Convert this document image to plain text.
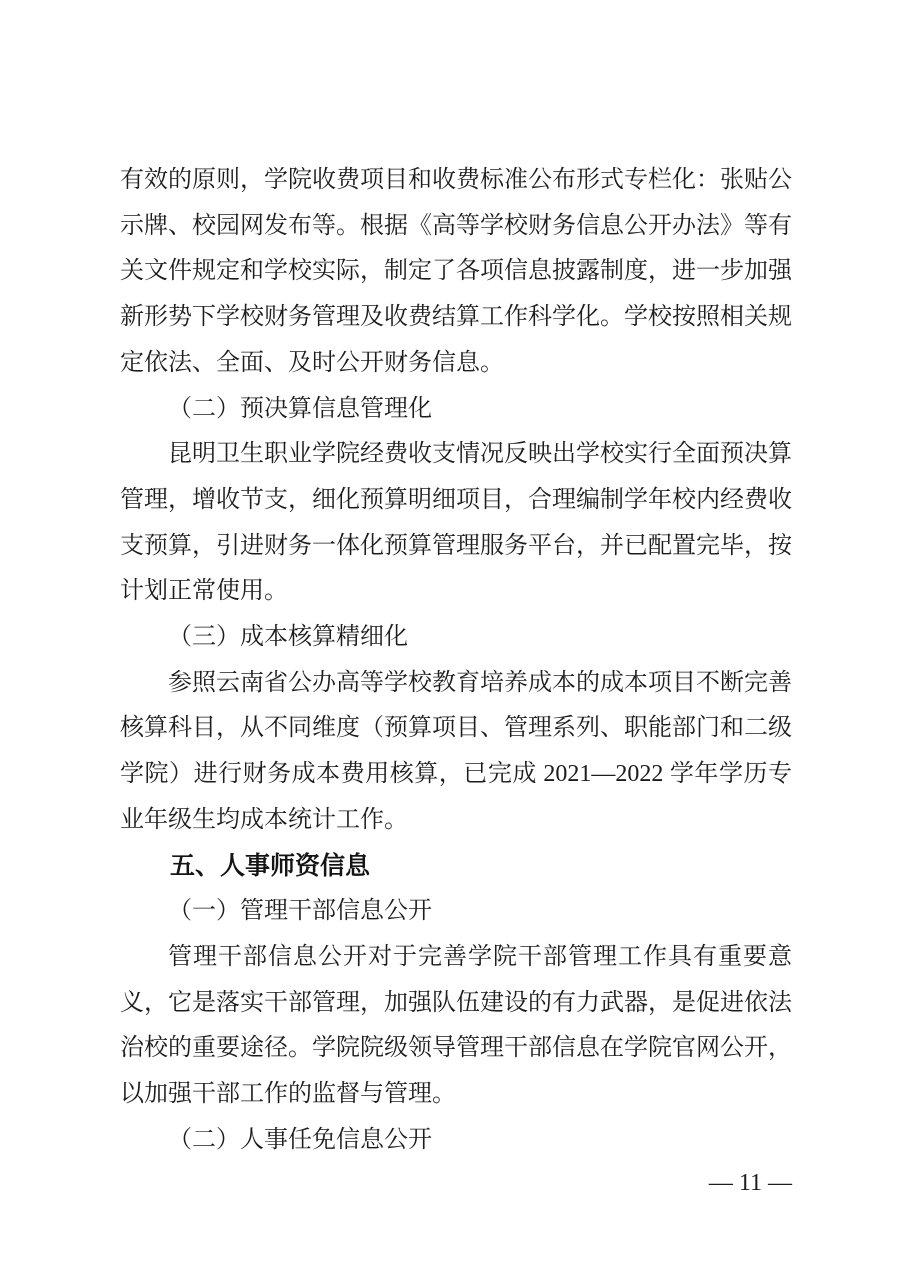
有效的原则，学院收费项目和收费标准公布形式专栏化：张贴公示牌、校园网发布等。根据《高等学校财务信息公开办法》等有关文件规定和学校实际，制定了各项信息披露制度，进一步加强新形势下学校财务管理及收费结算工作科学化。学校按照相关规定依法、全面、及时公开财务信息。

（二）预决算信息管理化

昆明卫生职业学院经费收支情况反映出学校实行全面预决算管理，增收节支，细化预算明细项目，合理编制学年校内经费收支预算，引进财务一体化预算管理服务平台，并已配置完毕，按计划正常使用。

（三）成本核算精细化

参照云南省公办高等学校教育培养成本的成本项目不断完善核算科目，从不同维度（预算项目、管理系列、职能部门和二级学院）进行财务成本费用核算，已完成 2021—2022 学年学历专业年级生均成本统计工作。

五、人事师资信息

（一）管理干部信息公开

管理干部信息公开对于完善学院干部管理工作具有重要意义，它是落实干部管理，加强队伍建设的有力武器，是促进依法治校的重要途径。学院院级领导管理干部信息在学院官网公开，以加强干部工作的监督与管理。

（二）人事任免信息公开

— 11 —
